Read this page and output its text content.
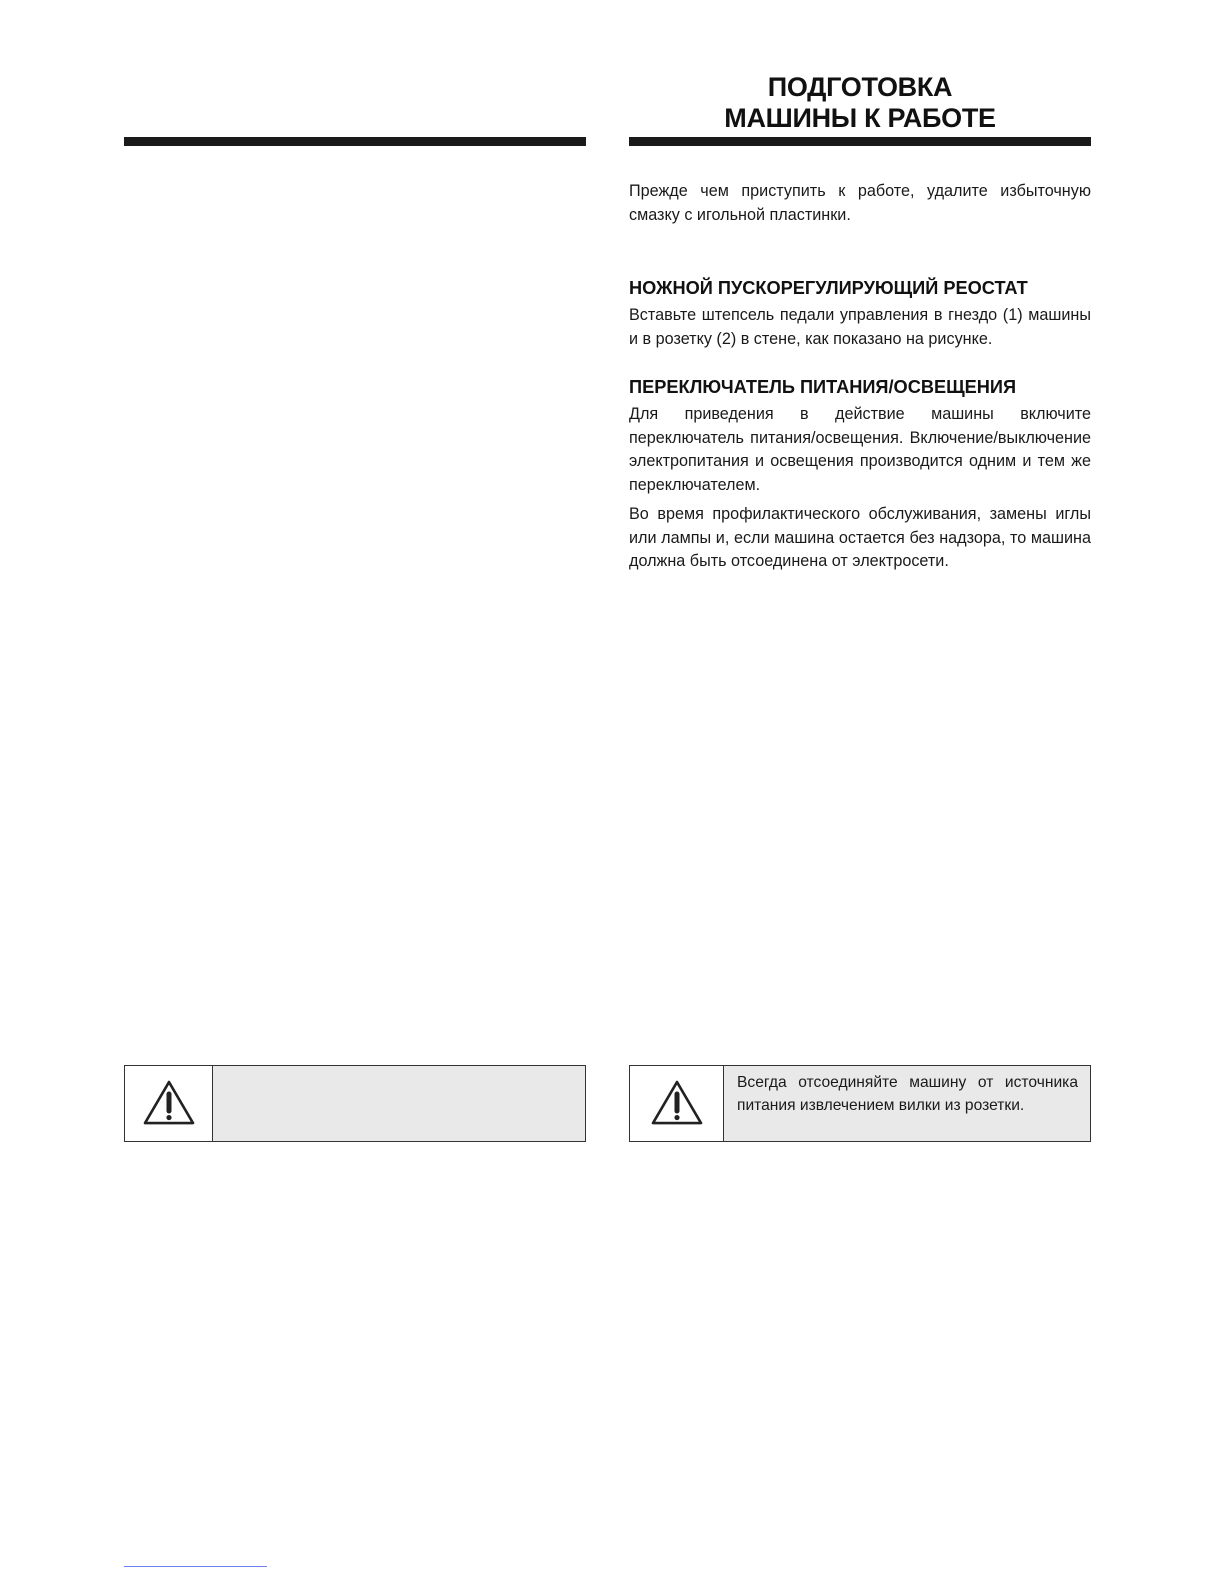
ПОДГОТОВКА
МАШИНЫ К РАБОТЕ

Прежде чем приступить к работе, удалите избыточную смазку с игольной пластинки.

НОЖНОЙ ПУСКОРЕГУЛИРУЮЩИЙ РЕОСТАТ

Вставьте штепсель педали управления в гнездо (1) машины и в розетку (2) в стене, как показано на рисунке.

ПЕРЕКЛЮЧАТЕЛЬ ПИТАНИЯ/ОСВЕЩЕНИЯ

Для приведения в действие машины включите переключатель питания/освещения. Включение/выключение электропитания и освещения производится одним и тем же переключателем.

Во время профилактического обслуживания, замены иглы или лампы и, если машина остается без надзора, то машина должна быть отсоединена от электросети.

Всегда отсоединяйте машину от источника питания извлечением вилки из розетки.
